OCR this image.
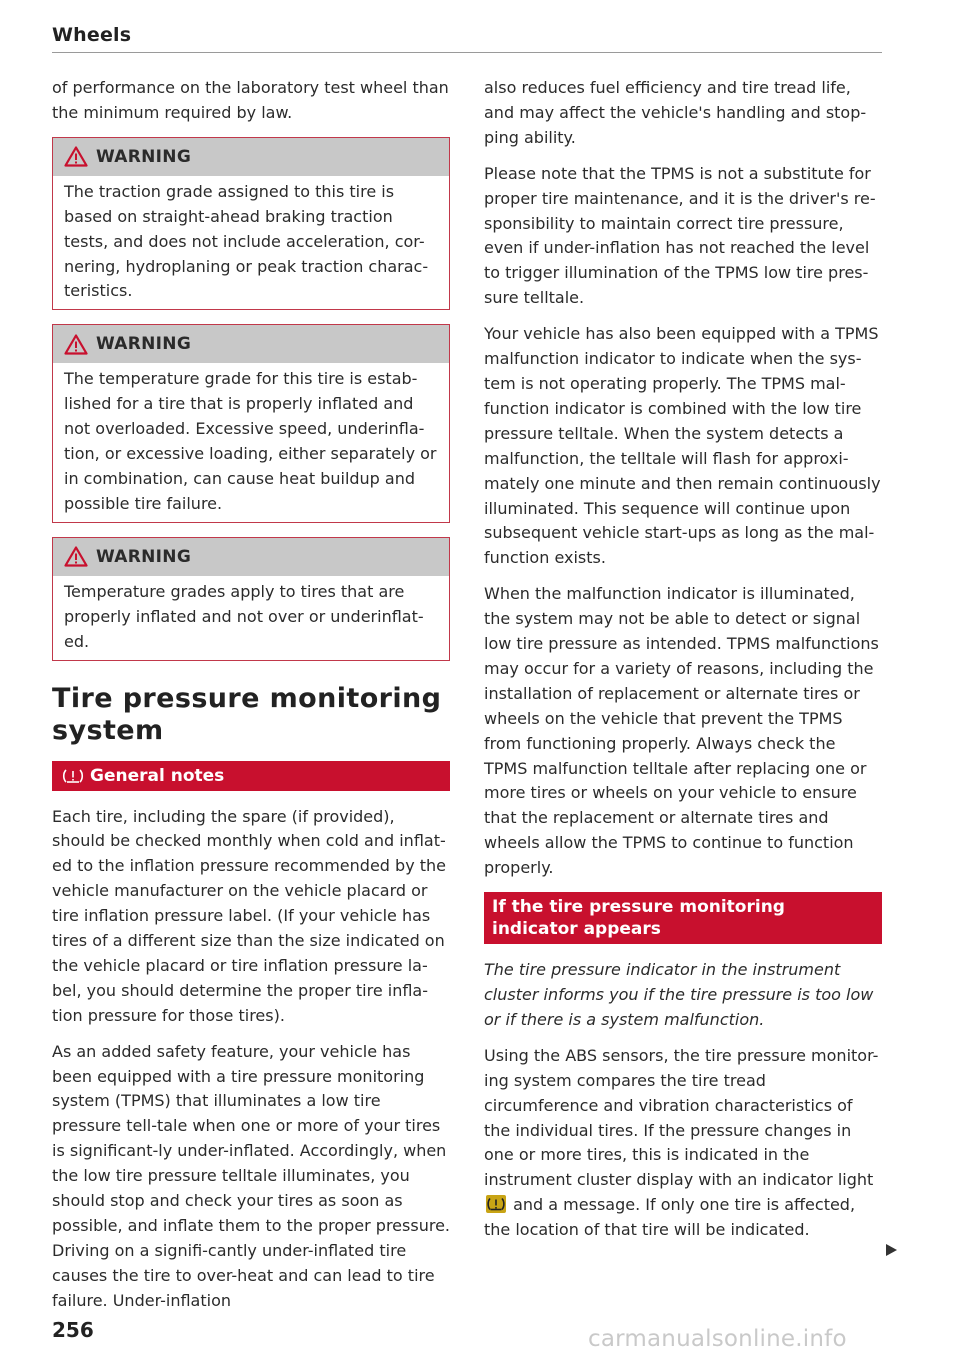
Wheels

of performance on the laboratory test wheel than the minimum required by law.

WARNING

The traction grade assigned to this tire is based on straight-ahead braking traction tests, and does not include acceleration, cor-nering, hydroplaning or peak traction charac-teristics.

WARNING

The temperature grade for this tire is estab-lished for a tire that is properly inflated and not overloaded. Excessive speed, underinfla-tion, or excessive loading, either separately or in combination, can cause heat buildup and possible tire failure.

WARNING

Temperature grades apply to tires that are properly inflated and not over or underinflat-ed.

Tire pressure monitoring system
General notes

Each tire, including the spare (if provided), should be checked monthly when cold and inflat-ed to the inflation pressure recommended by the vehicle manufacturer on the vehicle placard or tire inflation pressure label. (If your vehicle has tires of a different size than the size indicated on the vehicle placard or tire inflation pressure la-bel, you should determine the proper tire infla-tion pressure for those tires).

As an added safety feature, your vehicle has been equipped with a tire pressure monitoring system (TPMS) that illuminates a low tire pressure tell-tale when one or more of your tires is significant-ly under-inflated. Accordingly, when the low tire pressure telltale illuminates, you should stop and check your tires as soon as possible, and inflate them to the proper pressure. Driving on a signifi-cantly under-inflated tire causes the tire to over-heat and can lead to tire failure. Under-inflation

also reduces fuel efficiency and tire tread life, and may affect the vehicle's handling and stop-ping ability.

Please note that the TPMS is not a substitute for proper tire maintenance, and it is the driver's re-sponsibility to maintain correct tire pressure, even if under-inflation has not reached the level to trigger illumination of the TPMS low tire pres-sure telltale.

Your vehicle has also been equipped with a TPMS malfunction indicator to indicate when the sys-tem is not operating properly. The TPMS mal-function indicator is combined with the low tire pressure telltale. When the system detects a malfunction, the telltale will flash for approxi-mately one minute and then remain continuously illuminated. This sequence will continue upon subsequent vehicle start-ups as long as the mal-function exists.

When the malfunction indicator is illuminated, the system may not be able to detect or signal low tire pressure as intended. TPMS malfunctions may occur for a variety of reasons, including the installation of replacement or alternate tires or wheels on the vehicle that prevent the TPMS from functioning properly. Always check the TPMS malfunction telltale after replacing one or more tires or wheels on your vehicle to ensure that the replacement or alternate tires and wheels allow the TPMS to continue to function properly.

If the tire pressure monitoring indicator appears

The tire pressure indicator in the instrument cluster informs you if the tire pressure is too low or if there is a system malfunction.

Using the ABS sensors, the tire pressure monitor-ing system compares the tire tread circumference and vibration characteristics of the individual tires. If the pressure changes in one or more tires, this is indicated in the instrument cluster display with an indicator light
and a message. If only one tire is affected, the location of that tire will be indicated.

256	carmanualsonline.info
